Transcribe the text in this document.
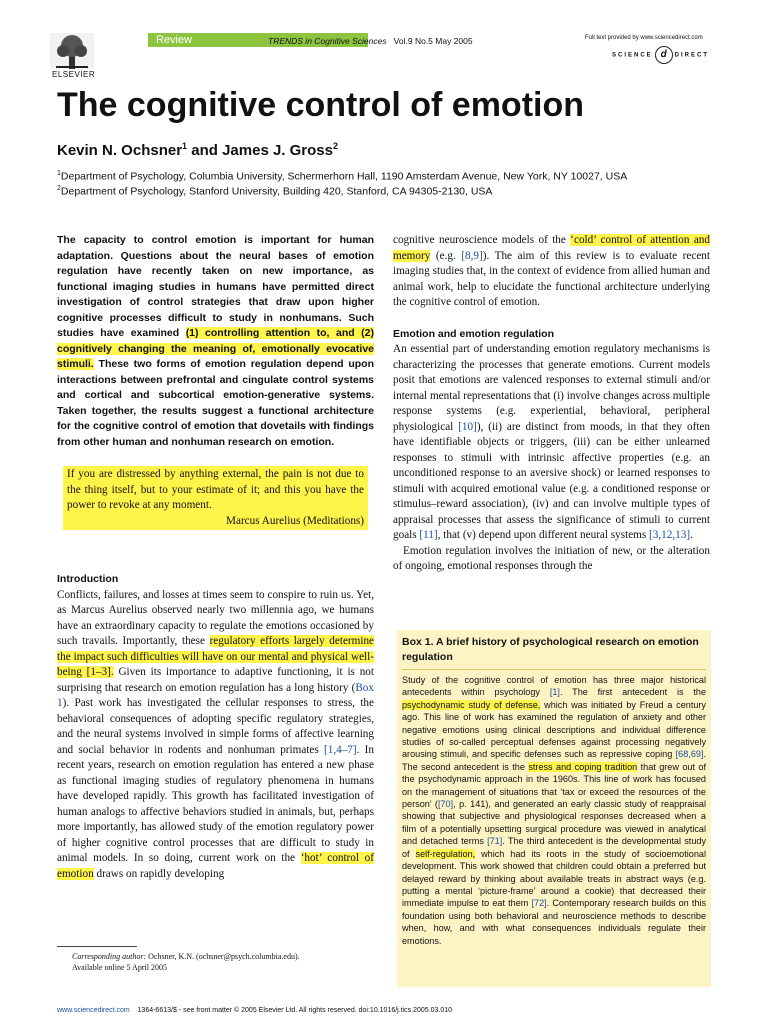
ELSEVIER
Review	TRENDS in Cognitive Sciences Vol.9 No.5 May 2005	Full text provided by www.sciencedirect.com
SCIENCE d DIRECT
The cognitive control of emotion
Kevin N. Ochsner$^1$ and James J. Gross$^2$
$^1$Department of Psychology, Columbia University, Schermerhorn Hall, 1190 Amsterdam Avenue, New York, NY 10027, USA
$^2$Department of Psychology, Stanford University, Building 420, Stanford, CA 94305-2130, USA

The capacity to control emotion is important for human adaptation. Questions about the neural bases of emotion regulation have recently taken on new importance, as functional imaging studies in humans have permitted direct investigation of control strategies that draw upon higher cognitive processes difficult to study in nonhumans. Such studies have examined (1) controlling attention to, and (2) cognitively changing the meaning of, emotionally evocative stimuli. These two forms of emotion regulation depend upon interactions between prefrontal and cingulate control systems and cortical and subcortical emotion-generative systems. Taken together, the results suggest a functional architecture for the cognitive control of emotion that dovetails with findings from other human and nonhuman research on emotion.

If you are distressed by anything external, the pain is not due to the thing itself, but to your estimate of it; and this you have the power to revoke at any moment.
Marcus Aurelius (Meditations)
Introduction

Conflicts, failures, and losses at times seem to conspire to ruin us. Yet, as Marcus Aurelius observed nearly two millennia ago, we humans have an extraordinary capacity to regulate the emotions occasioned by such travails. Importantly, these regulatory efforts largely determine the impact such difficulties will have on our mental and physical well-being [1–3]. Given its importance to adaptive functioning, it is not surprising that research on emotion regulation has a long history (Box 1). Past work has investigated the cellular responses to stress, the behavioral consequences of adopting specific regulatory strategies, and the neural systems involved in simple forms of affective learning and social behavior in rodents and nonhuman primates [1,4–7]. In recent years, research on emotion regulation has entered a new phase as functional imaging studies of regulatory phenomena in humans have developed rapidly. This growth has facilitated investigation of human analogs to affective behaviors studied in animals, but, perhaps more importantly, has allowed study of the emotion regulatory power of higher cognitive control processes that are difficult to study in animal models. In so doing, current work on the ‘hot’ control of emotion draws on rapidly developing

cognitive neuroscience models of the ‘cold’ control of attention and memory (e.g. [8,9]). The aim of this review is to evaluate recent imaging studies that, in the context of evidence from allied human and animal work, help to elucidate the functional architecture underlying the cognitive control of emotion.

Emotion and emotion regulation

An essential part of understanding emotion regulatory mechanisms is characterizing the processes that generate emotions. Current models posit that emotions are valenced responses to external stimuli and/or internal mental representations that (i) involve changes across multiple response systems (e.g. experiential, behavioral, peripheral physiological [10]), (ii) are distinct from moods, in that they often have identifiable objects or triggers, (iii) can be either unlearned responses to stimuli with intrinsic affective properties (e.g. an unconditioned response to an aversive shock) or learned responses to stimuli with acquired emotional value (e.g. a conditioned response or stimulus–reward association), (iv) and can involve multiple types of appraisal processes that assess the significance of stimuli to current goals [11], that (v) depend upon different neural systems [3,12,13].

Emotion regulation involves the initiation of new, or the alteration of ongoing, emotional responses through the

Box 1. A brief history of psychological research on emotion regulation
Study of the cognitive control of emotion has three major historical antecedents within psychology [1]. The first antecedent is the psychodynamic study of defense, which was initiated by Freud a century ago. This line of work has examined the regulation of anxiety and other negative emotions using clinical descriptions and individual difference studies of so-called perceptual defenses against processing negatively arousing stimuli, and specific defenses such as repressive coping [68,69]. The second antecedent is the stress and coping tradition that grew out of the psychodynamic approach in the 1960s. This line of work has focused on the management of situations that ‘tax or exceed the resources of the person’ ([70], p. 141), and generated an early classic study of reappraisal showing that subjective and physiological responses decreased when a film of a potentially upsetting surgical procedure was viewed in analytical and detached terms [71]. The third antecedent is the developmental study of self-regulation, which had its roots in the study of socioemotional development. This work showed that children could obtain a preferred but delayed reward by thinking about available treats in abstract ways (e.g. putting a mental ‘picture-frame’ around a cookie) that decreased their immediate impulse to eat them [72]. Contemporary research builds on this foundation using both behavioral and neuroscience methods to describe when, how, and with what consequences individuals regulate their emotions.
Corresponding author: Ochsner, K.N. (ochsner@psych.columbia.edu).
Available online 5 April 2005
www.sciencedirect.com 1364-6613/$ - see front matter © 2005 Elsevier Ltd. All rights reserved. doi:10.1016/j.tics.2005.03.010
